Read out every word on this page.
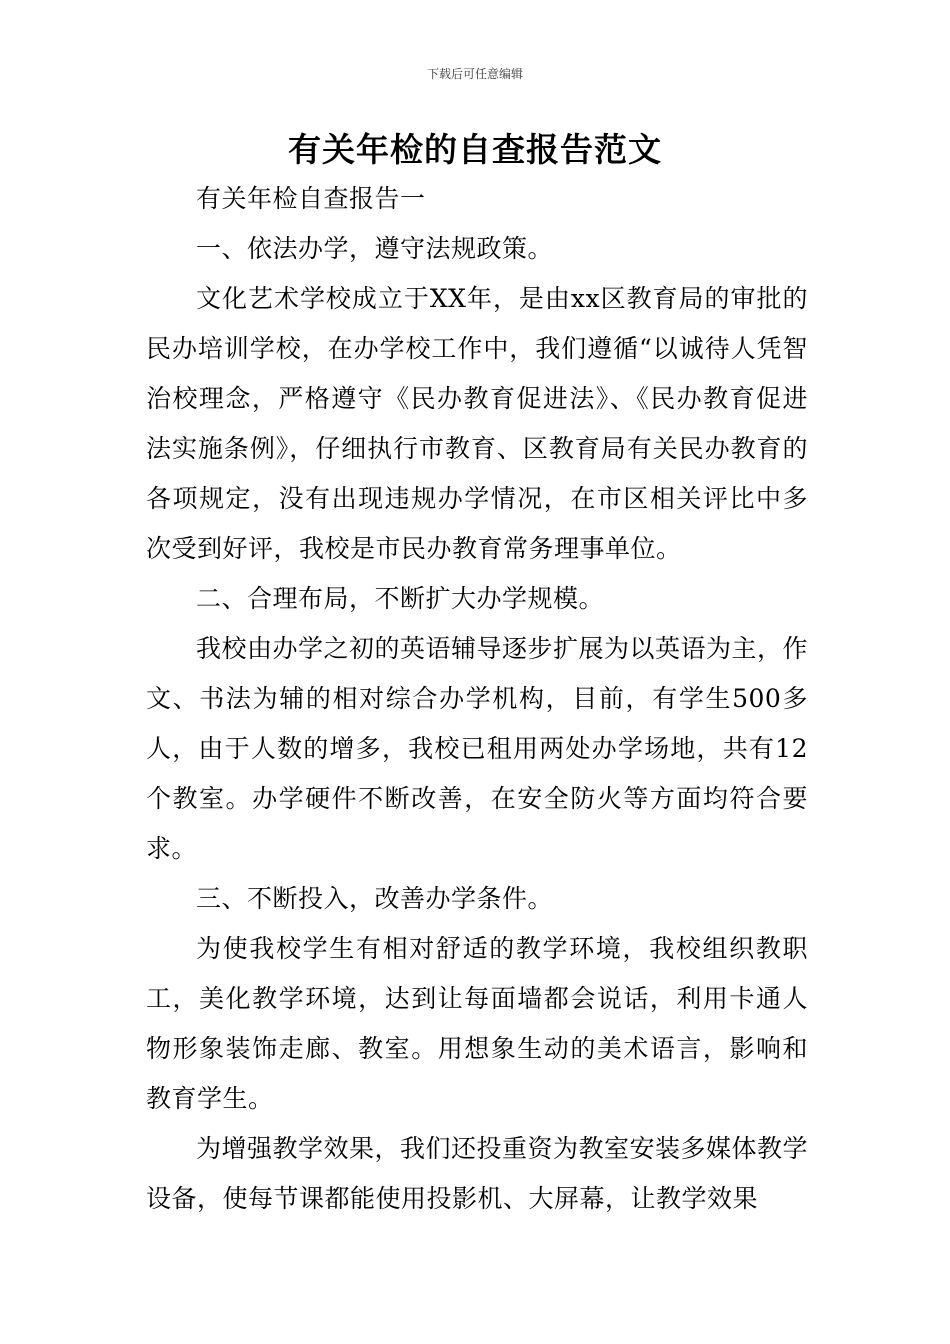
下载后可任意编辑
有关年检的自查报告范文

有关年检自查报告一

一、依法办学，遵守法规政策。

文化艺术学校成立于XX年，是由xx区教育局的审批的民办培训学校，在办学校工作中，我们遵循“以诚待人凭智治校理念，严格遵守《民办教育促进法》、《民办教育促进法实施条例》，仔细执行市教育、区教育局有关民办教育的各项规定，没有出现违规办学情况，在市区相关评比中多次受到好评，我校是市民办教育常务理事单位。

二、合理布局，不断扩大办学规模。

我校由办学之初的英语辅导逐步扩展为以英语为主，作文、书法为辅的相对综合办学机构，目前，有学生500多人，由于人数的增多，我校已租用两处办学场地，共有12个教室。办学硬件不断改善，在安全防火等方面均符合要求。

三、不断投入，改善办学条件。

为使我校学生有相对舒适的教学环境，我校组织教职工，美化教学环境，达到让每面墙都会说话，利用卡通人物形象装饰走廊、教室。用想象生动的美术语言，影响和教育学生。

为增强教学效果，我们还投重资为教室安装多媒体教学设备，使每节课都能使用投影机、大屏幕，让教学效果
